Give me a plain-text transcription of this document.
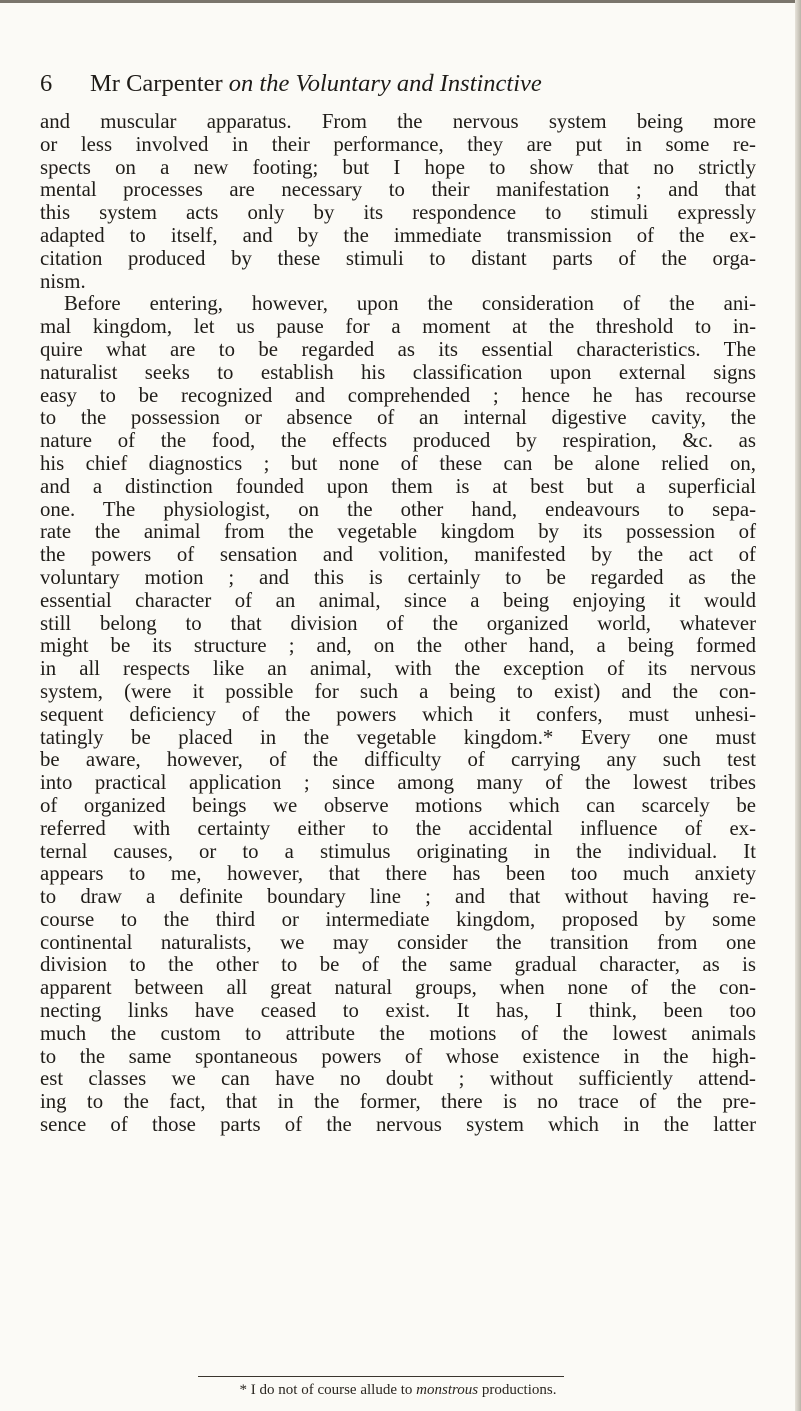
6 Mr Carpenter on the Voluntary and Instinctive
and muscular apparatus. From the nervous system being more
or less involved in their performance, they are put in some re-
spects on a new footing; but I hope to show that no strictly
mental processes are necessary to their manifestation ; and that
this system acts only by its respondence to stimuli expressly
adapted to itself, and by the immediate transmission of the ex-
citation produced by these stimuli to distant parts of the orga-
nism.
Before entering, however, upon the consideration of the ani-
mal kingdom, let us pause for a moment at the threshold to in-
quire what are to be regarded as its essential characteristics. The
naturalist seeks to establish his classification upon external signs
easy to be recognized and comprehended ; hence he has recourse
to the possession or absence of an internal digestive cavity, the
nature of the food, the effects produced by respiration, &c. as
his chief diagnostics ; but none of these can be alone relied on,
and a distinction founded upon them is at best but a superficial
one. The physiologist, on the other hand, endeavours to sepa-
rate the animal from the vegetable kingdom by its possession of
the powers of sensation and volition, manifested by the act of
voluntary motion ; and this is certainly to be regarded as the
essential character of an animal, since a being enjoying it would
still belong to that division of the organized world, whatever
might be its structure ; and, on the other hand, a being formed
in all respects like an animal, with the exception of its nervous
system, (were it possible for such a being to exist) and the con-
sequent deficiency of the powers which it confers, must unhesi-
tatingly be placed in the vegetable kingdom.* Every one must
be aware, however, of the difficulty of carrying any such test
into practical application ; since among many of the lowest tribes
of organized beings we observe motions which can scarcely be
referred with certainty either to the accidental influence of ex-
ternal causes, or to a stimulus originating in the individual. It
appears to me, however, that there has been too much anxiety
to draw a definite boundary line ; and that without having re-
course to the third or intermediate kingdom, proposed by some
continental naturalists, we may consider the transition from one
division to the other to be of the same gradual character, as is
apparent between all great natural groups, when none of the con-
necting links have ceased to exist. It has, I think, been too
much the custom to attribute the motions of the lowest animals
to the same spontaneous powers of whose existence in the high-
est classes we can have no doubt ; without sufficiently attend-
ing to the fact, that in the former, there is no trace of the pre-
sence of those parts of the nervous system which in the latter
* I do not of course allude to monstrous productions.
